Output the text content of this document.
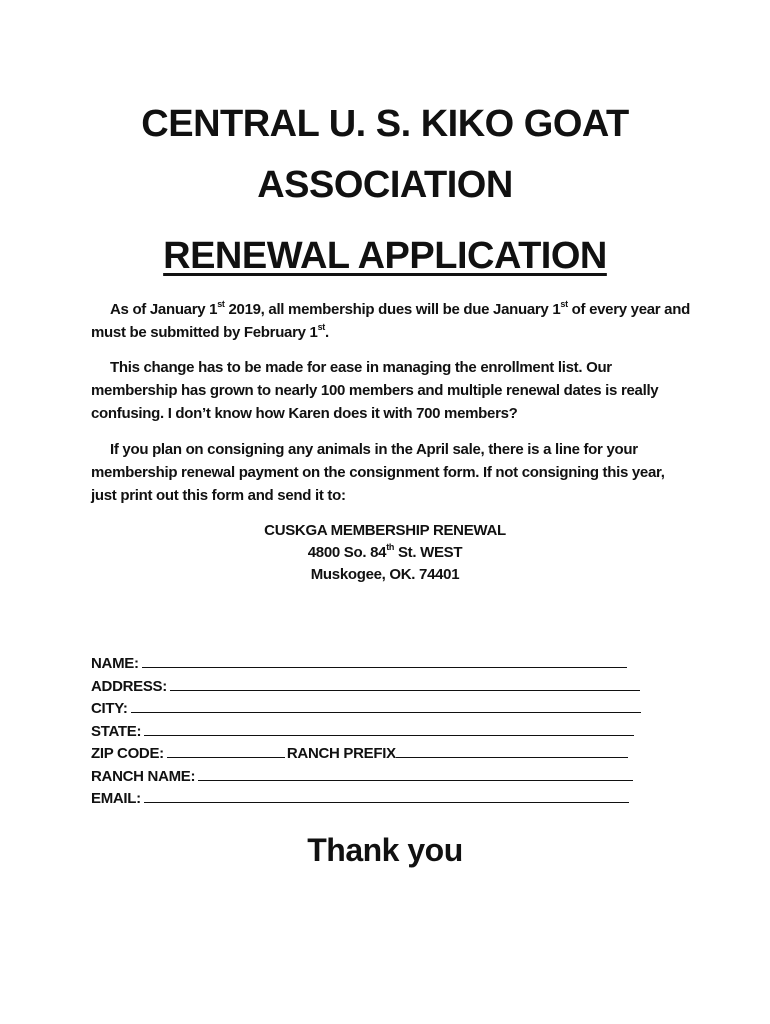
CENTRAL U. S. KIKO GOAT
ASSOCIATION
RENEWAL APPLICATION

As of January 1st 2019, all membership dues will be due January 1st of every year and must be submitted by February 1st.

This change has to be made for ease in managing the enrollment list. Our membership has grown to nearly 100 members and multiple renewal dates is really confusing. I don’t know how Karen does it with 700 members?

If you plan on consigning any animals in the April sale, there is a line for your membership renewal payment on the consignment form. If not consigning this year, just print out this form and send it to:

CUSKGA MEMBERSHIP RENEWAL
4800 So. 84th St. WEST
Muskogee, OK. 74401
NAME:
ADDRESS:
CITY:
STATE:
ZIP CODE:	RANCH PREFIX
RANCH NAME:
EMAIL:
Thank you
